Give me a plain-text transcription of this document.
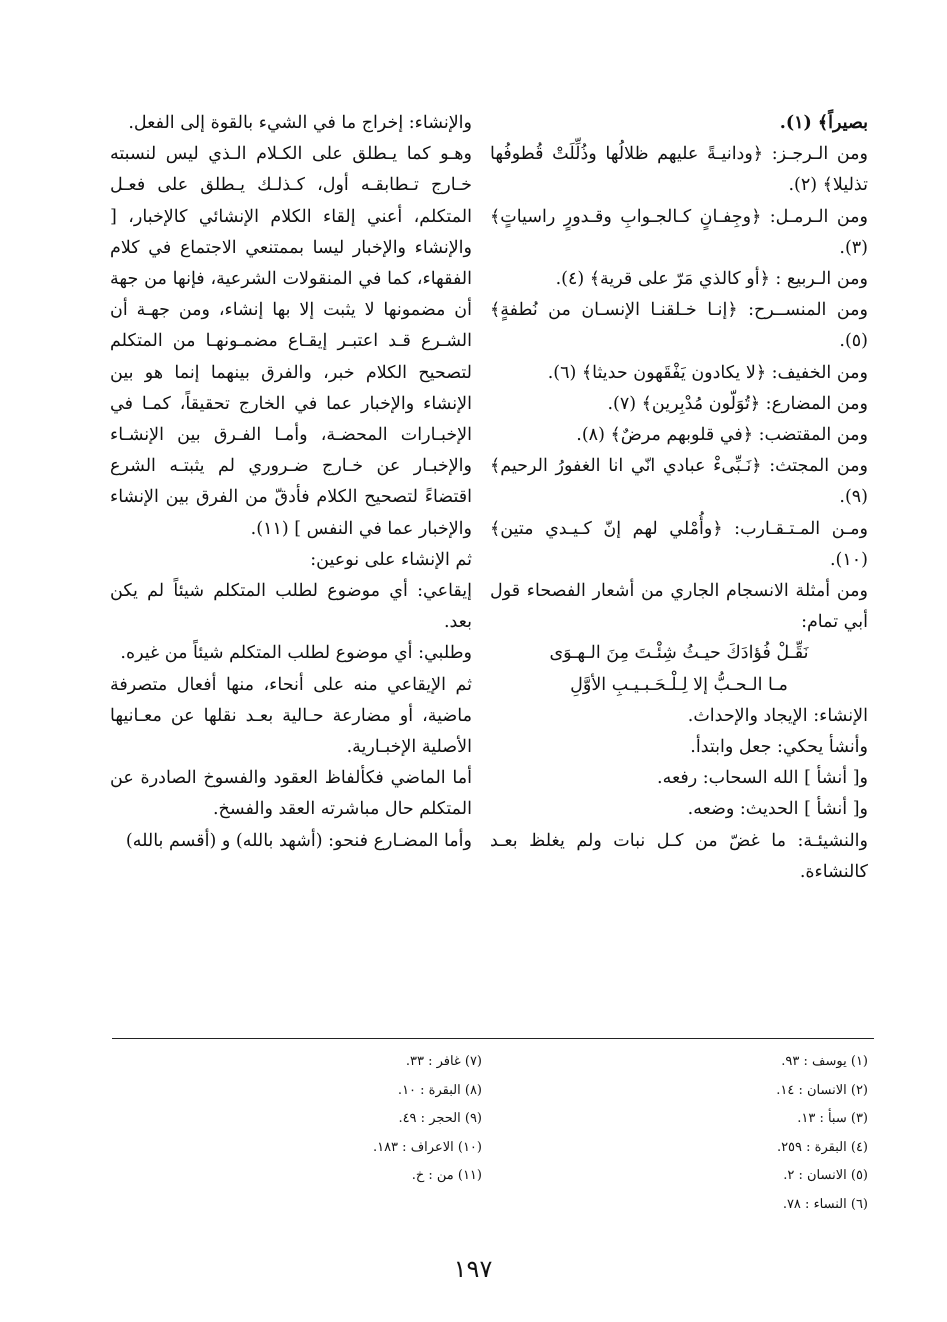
بصيراً﴾ (١).

ومن الـرجـز: ﴿ودانيـةً عليهم ظلالُها وذُلِّلَتْ قُطوفُها تذليلا﴾ (٢).

ومن الـرمـل: ﴿وجِفـانٍ كـالجـوابِ وقـدورٍ راسياتٍ﴾ (٣).

ومن الـربيع : ﴿أو كالذي مَرّ على قرية﴾ (٤).

ومن المنســرح: ﴿إنـا خـلقنـا الإنسـان من نُطفةٍ﴾ (٥).

ومن الخفيف: ﴿لا يكادون يَفْقَهون حديثا﴾ (٦).

ومن المضارع: ﴿تُوَلّون مُدْبِرين﴾ (٧).

ومن المقتضب: ﴿في قلوبهم مرضٌ﴾ (٨).

ومن المجتث: ﴿نَـبِّىءْ عبادي انّي انا الغفورُ الرحيم﴾ (٩).

ومـن المـتـقـارب: ﴿وأُمْلي لهم إنّ كـيـدي متين﴾ (١٠).

ومن أمثلة الانسجام الجاري من أشعار الفصحاء قول أبي تمام:

نَقِّـلْ فُؤادَكَ حيـثُ شِئْـتَ مِنَ الـهـوَى

مـا الـحـبُّ إلا لِـلْـحَـبـيـبِ الأوَّلِ

الإنشاء: الإيجاد والإحداث.

وأنشأ يحكي: جعل وابتدأ.

و[ أنشأ ] الله السحاب: رفعه.

و[ أنشأ ] الحديث: وضعه.

والنشيئـة: ما غضّ من كـل نبات ولم يغلظ بعـد كالنشاءة.

والإنشاء: إخراج ما في الشيء بالقوة إلى الفعل.

وهـو كما يـطلق على الكـلام الـذي ليس لنسبته خـارج تـطابقـه أول، كـذلـك يـطلق على فعـل المتكلم، أعني إلقاء الكلام الإنشائي كالإخبار، [ والإنشاء والإخبار ليسا بممتنعي الاجتماع في كلام الفقهاء، كما في المنقولات الشرعية، فإنها من جهة أن مضمونها لا يثبت إلا بها إنشاء، ومن جهـة أن الشـرع قـد اعتبـر إيقـاع مضمـونهـا من المتكلم لتصحيح الكلام خبر، والفرق بينهما إنما هو بين الإنشاء والإخبار عما في الخارج تحقيقاً، كمـا في الإخبـارات المحضـة، وأمـا الفـرق بين الإنشـاء والإخبـار عن خـارج ضـروري لم يثبتـه الشرع اقتضاءً لتصحيح الكلام فأدقّ من الفرق بين الإنشاء والإخبار عما في النفس ] (١١).

ثم الإنشاء على نوعين:

إيقاعي: أي موضوع لطلب المتكلم شيئاً لم يكن بعد.

وطلبي: أي موضوع لطلب المتكلم شيئاً من غيره.

ثم الإيقاعي منه على أنحاء، منها أفعال متصرفة ماضية، أو مضارعة حـالية بعـد نقلها عن معـانيها الأصلية الإخبـارية.

أما الماضي فكألفاظ العقود والفسوخ الصادرة عن المتكلم حال مباشرته العقد والفسخ.

وأما المضـارع فنحو: (أشهد بالله) و (أقسم بالله)

(١) يوسف : ٩٣.
(٢) الانسان : ١٤.
(٣) سبأ : ١٣.
(٤) البقرة : ٢٥٩.
(٥) الانسان : ٢.
(٦) النساء : ٧٨.
(٧) غافر : ٣٣.
(٨) البقرة : ١٠.
(٩) الحجر : ٤٩.
(١٠) الاعراف : ١٨٣.
(١١) من : خ.
١٩٧
